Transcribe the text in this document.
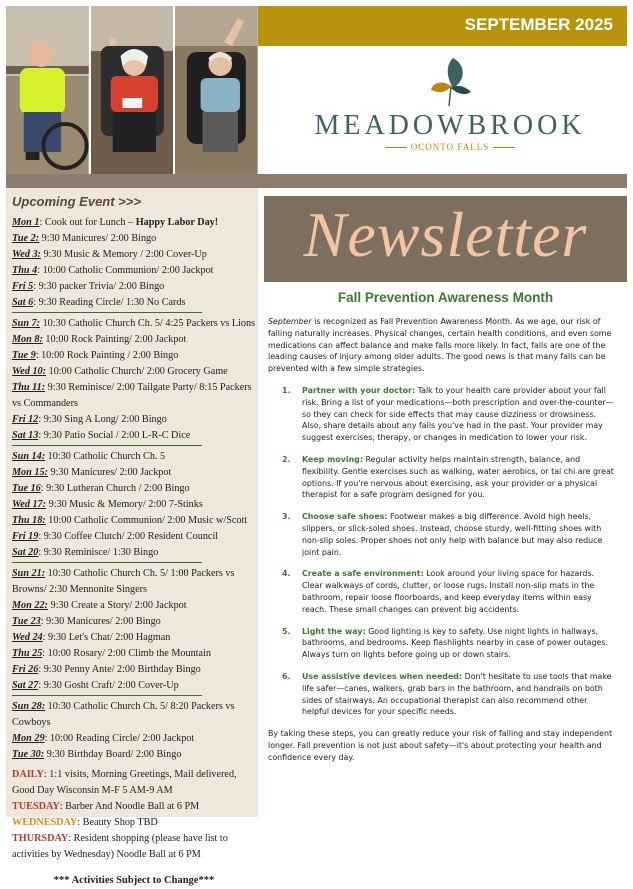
SEPTEMBER 2025
MEADOWBROOK
OCONTO FALLS
Upcoming Event >>>
Mon 1: Cook out for Lunch – Happy Labor Day!
Tue 2: 9:30 Manicures/ 2:00 Bingo
Wed 3: 9:30 Music & Memory / 2:00 Cover-Up
Thu 4: 10:00 Catholic Communion/ 2:00 Jackpot
Fri 5: 9:30 packer Trivia/ 2:00 Bingo
Sat 6: 9:30 Reading Circle/ 1:30 No Cards
Sun 7: 10:30 Catholic Church Ch. 5/ 4:25 Packers vs Lions
Mon 8: 10:00 Rock Painting/ 2:00 Jackpot
Tue 9: 10:00 Rock Painting / 2:00 Bingo
Wed 10: 10:00 Catholic Church/ 2:00 Grocery Game
Thu 11: 9:30 Reminisce/ 2:00 Tailgate Party/ 8:15 Packers vs Commanders
Fri 12: 9:30 Sing A Long/ 2:00 Bingo
Sat 13: 9:30 Patio Social / 2:00 L-R-C Dice
Sun 14: 10:30 Catholic Church Ch. 5
Mon 15: 9:30 Manicures/ 2:00 Jackpot
Tue 16: 9:30 Lutheran Church / 2:00 Bingo
Wed 17: 9:30 Music & Memory/ 2:00 7-Stinks
Thu 18: 10:00 Catholic Communion/ 2:00 Music w/Scott
Fri 19: 9:30 Coffee Clutch/ 2:00 Resident Council
Sat 20: 9:30 Reminisce/ 1:30 Bingo
Sun 21: 10:30 Catholic Church Ch. 5/ 1:00 Packers vs Browns/ 2:30 Mennonite Singers
Mon 22: 9:30 Create a Story/ 2:00 Jackpot
Tue 23: 9:30 Manicures/ 2:00 Bingo
Wed 24: 9:30 Let's Chat/ 2:00 Hagman
Thu 25: 10:00 Rosary/ 2:00 Climb the Mountain
Fri 26: 9:30 Penny Ante/ 2:00 Birthday Bingo
Sat 27: 9:30 Gosht Craft/ 2:00 Cover-Up
Sun 28: 10:30 Catholic Church Ch. 5/ 8:20 Packers vs Cowboys
Mon 29: 10:00 Reading Circle/ 2:00 Jackpot
Tue 30: 9:30 Birthday Board/ 2:00 Bingo
DAILY: 1:1 visits, Morning Greetings, Mail delivered, Good Day Wisconsin M-F 5 AM-9 AM
TUESDAY: Barber And Noodle Ball at 6 PM
WEDNESDAY: Beauty Shop TBD
THURSDAY: Resident shopping (please have list to activities by Wednesday) Noodle Ball at 6 PM
*** Activities Subject to Change***
Newsletter
Fall Prevention Awareness Month

September is recognized as Fall Prevention Awareness Month. As we age, our risk of falling naturally increases. Physical changes, certain health conditions, and even some medications can affect balance and make falls more likely. In fact, falls are one of the leading causes of injury among older adults. The good news is that many falls can be prevented with a few simple strategies.

1. Partner with your doctor: Talk to your health care provider about your fall risk. Bring a list of your medications—both prescription and over-the-counter—so they can check for side effects that may cause dizziness or drowsiness. Also, share details about any falls you've had in the past. Your provider may suggest exercises, therapy, or changes in medication to lower your risk.
2. Keep moving: Regular activity helps maintain strength, balance, and flexibility. Gentle exercises such as walking, water aerobics, or tai chi are great options. If you're nervous about exercising, ask your provider or a physical therapist for a safe program designed for you.
3. Choose safe shoes: Footwear makes a big difference. Avoid high heels, slippers, or slick-soled shoes. Instead, choose sturdy, well-fitting shoes with non-slip soles. Proper shoes not only help with balance but may also reduce joint pain.
4. Create a safe environment: Look around your living space for hazards. Clear walkways of cords, clutter, or loose rugs. Install non-slip mats in the bathroom, repair loose floorboards, and keep everyday items within easy reach. These small changes can prevent big accidents.
5. Light the way: Good lighting is key to safety. Use night lights in hallways, bathrooms, and bedrooms. Keep flashlights nearby in case of power outages. Always turn on lights before going up or down stairs.
6. Use assistive devices when needed: Don't hesitate to use tools that make life safer—canes, walkers, grab bars in the bathroom, and handrails on both sides of stairways. An occupational therapist can also recommend other helpful devices for your specific needs.

By taking these steps, you can greatly reduce your risk of falling and stay independent longer. Fall prevention is not just about safety—it's about protecting your health and confidence every day.
